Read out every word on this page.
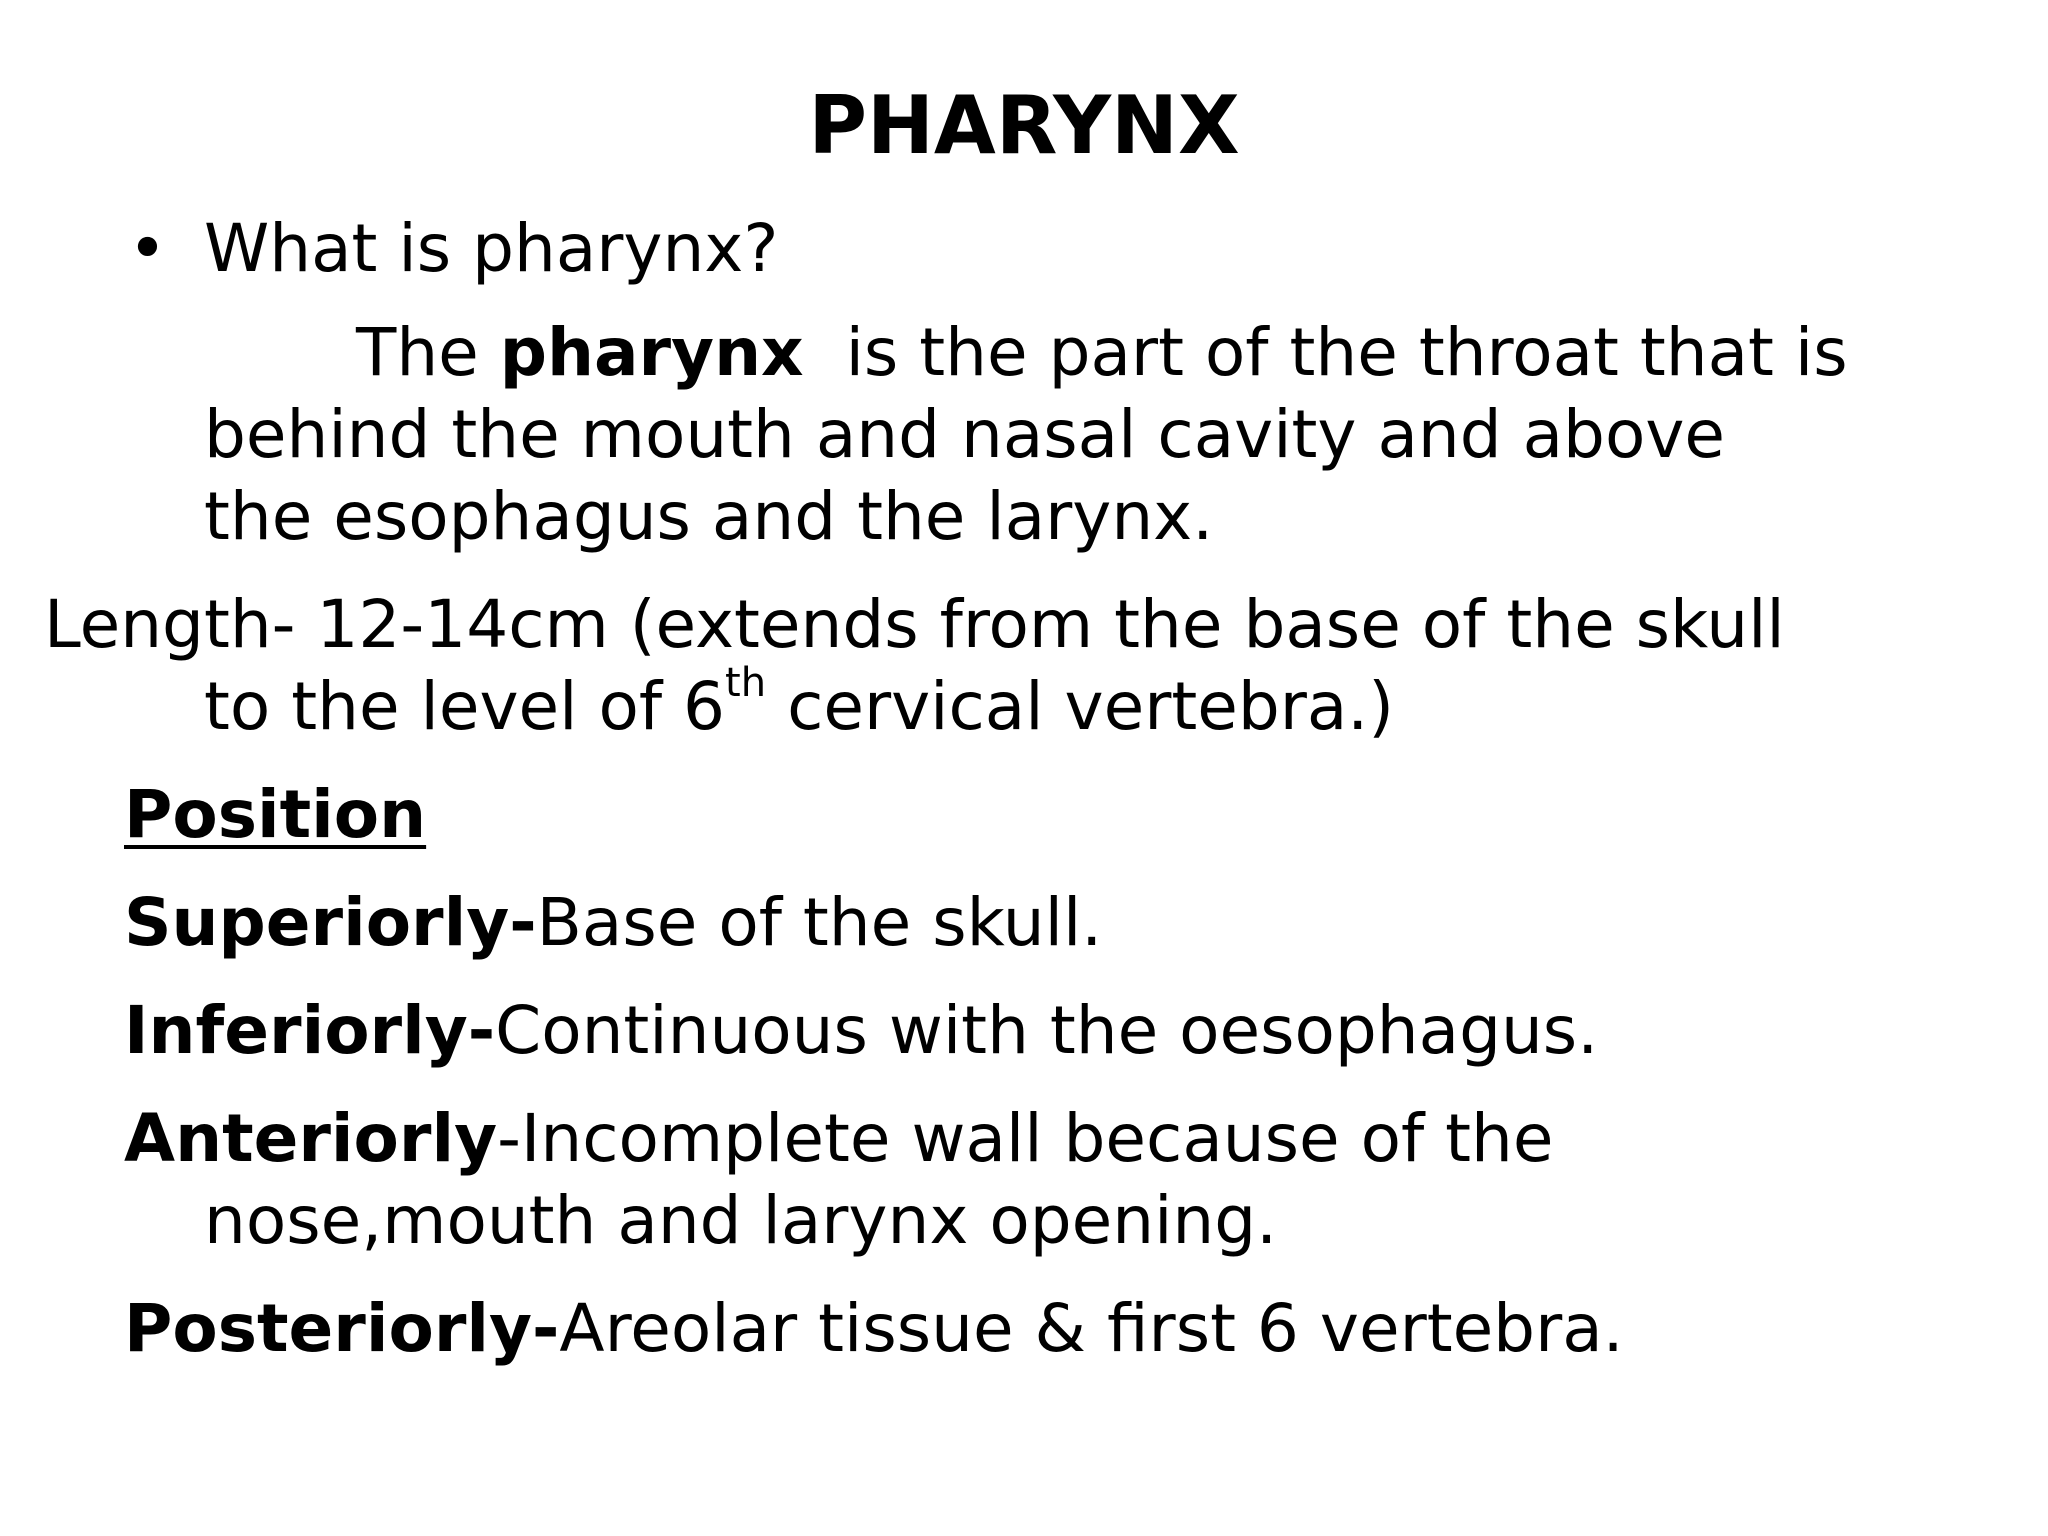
PHARYNX
• What is pharynx?
The pharynx  is the part of the throat that is
behind the mouth and nasal cavity and above
the esophagus and the larynx.
Length- 12-14cm (extends from the base of the skull
to the level of 6th cervical vertebra.)
Position
Superiorly-Base of the skull.
Inferiorly-Continuous with the oesophagus.
Anteriorly-Incomplete wall because of the
nose,mouth and larynx opening.
Posteriorly-Areolar tissue & first 6 vertebra.
